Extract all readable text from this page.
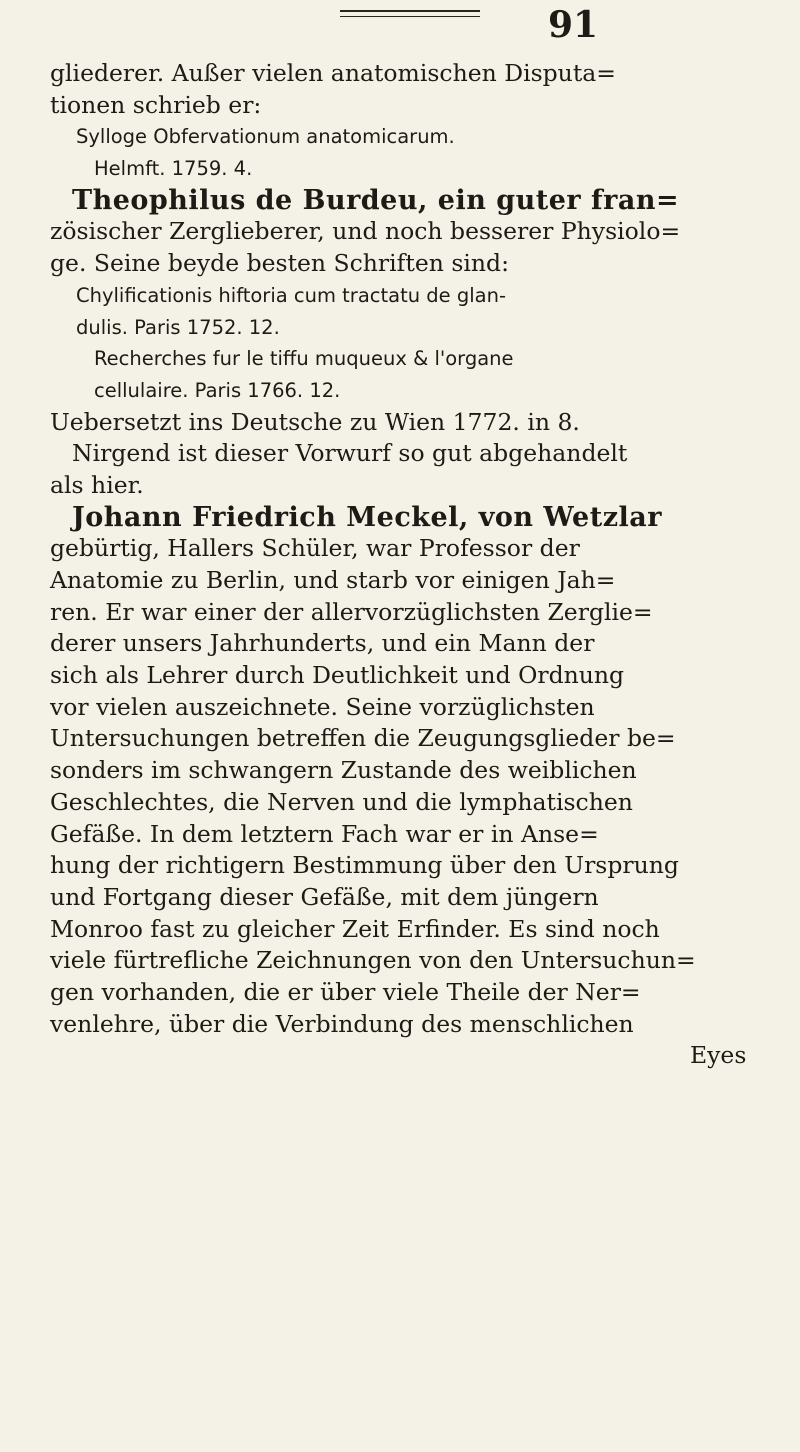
91
gliederer. Außer vielen anatomischen Disputa=
tionen schrieb er:
Sylloge Obfervationum anatomicarum.
Helmft. 1759. 4.
Theophilus de Burdeu, ein guter fran=
zösischer Zerglieberer, und noch besserer Physiolo=
ge. Seine beyde besten Schriften sind:
Chylificationis hiftoria cum tractatu de glan-
dulis. Paris 1752. 12.
Recherches fur le tiffu muqueux & l'organe
cellulaire. Paris 1766. 12.
Uebersetzt ins Deutsche zu Wien 1772. in 8.
Nirgend ist dieser Vorwurf so gut abgehandelt
als hier.
Johann Friedrich Meckel, von Wetzlar
gebürtig, Hallers Schüler, war Professor der
Anatomie zu Berlin, und starb vor einigen Jah=
ren. Er war einer der allervorzüglichsten Zerglie=
derer unsers Jahrhunderts, und ein Mann der
sich als Lehrer durch Deutlichkeit und Ordnung
vor vielen auszeichnete. Seine vorzüglichsten
Untersuchungen betreffen die Zeugungsglieder be=
sonders im schwangern Zustande des weiblichen
Geschlechtes, die Nerven und die lymphatischen
Gefäße. In dem letztern Fach war er in Anse=
hung der richtigern Bestimmung über den Ursprung
und Fortgang dieser Gefäße, mit dem jüngern
Monroo fast zu gleicher Zeit Erfinder. Es sind noch
viele fürtrefliche Zeichnungen von den Untersuchun=
gen vorhanden, die er über viele Theile der Ner=
venlehre, über die Verbindung des menschlichen
Eyes
